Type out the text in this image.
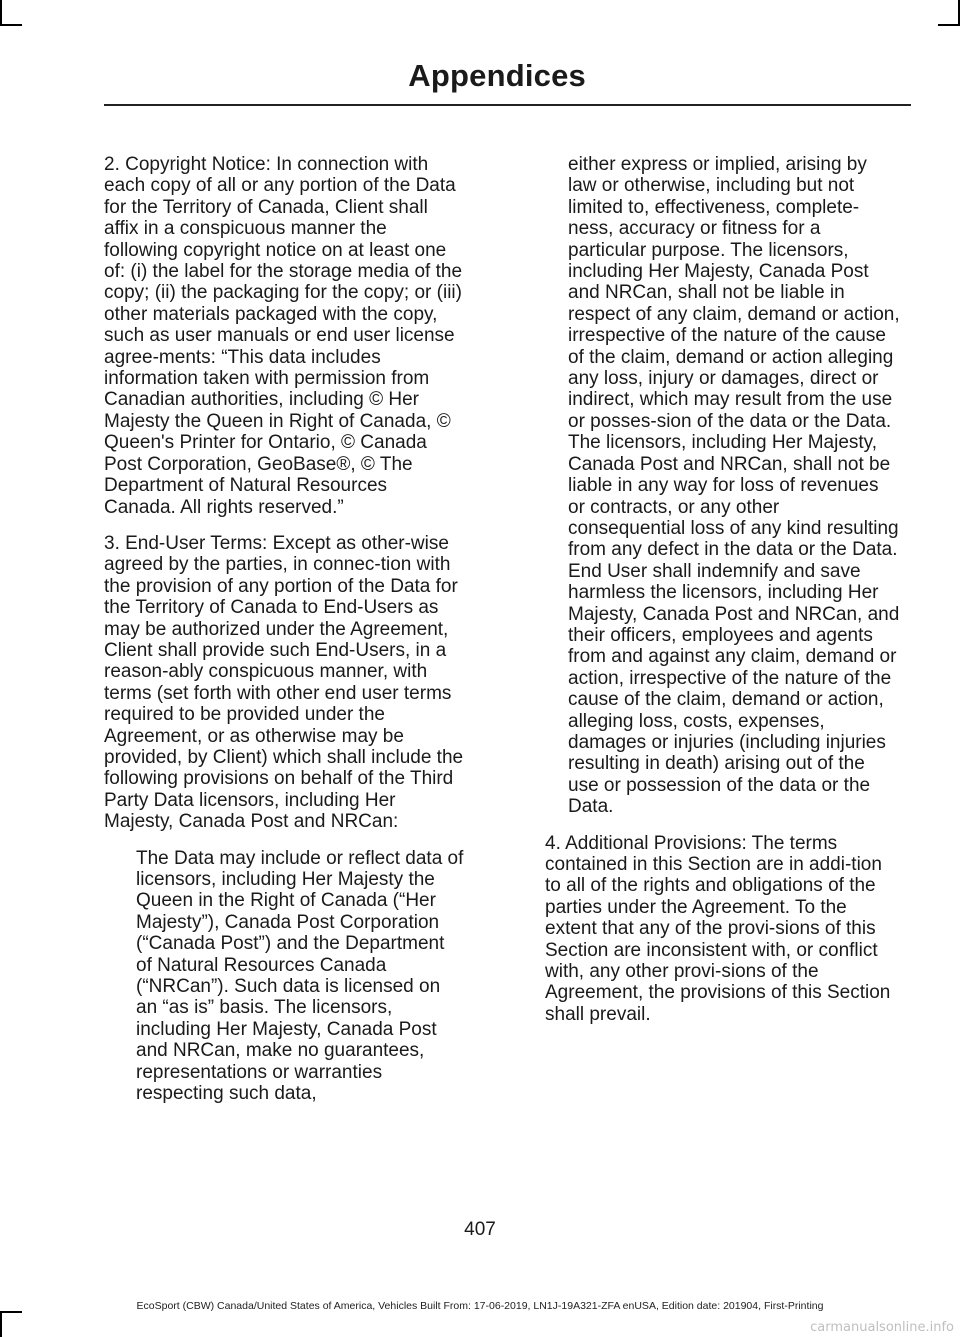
Appendices

2. Copyright Notice: In connection with each copy of all or any portion of the Data for the Territory of Canada, Client shall affix in a conspicuous manner the following copyright notice on at least one of: (i) the label for the storage media of the copy; (ii) the packaging for the copy; or (iii) other materials packaged with the copy, such as user manuals or end user license agree-ments: “This data includes information taken with permission from Canadian authorities, including © Her Majesty the Queen in Right of Canada, © Queen's Printer for Ontario, © Canada Post Corporation, GeoBase®, © The Department of Natural Resources Canada. All rights reserved.”

3. End-User Terms: Except as other-wise agreed by the parties, in connec-tion with the provision of any portion of the Data for the Territory of Canada to End-Users as may be authorized under the Agreement, Client shall provide such End-Users, in a reason-ably conspicuous manner, with terms (set forth with other end user terms required to be provided under the Agreement, or as otherwise may be provided, by Client) which shall include the following provisions on behalf of the Third Party Data licensors, including Her Majesty, Canada Post and NRCan:

The Data may include or reflect data of licensors, including Her Majesty the Queen in the Right of Canada (“Her Majesty”), Canada Post Corporation (“Canada Post”) and the Department of Natural Resources Canada (“NRCan”). Such data is licensed on an “as is” basis. The licensors, including Her Majesty, Canada Post and NRCan, make no guarantees, representations or warranties respecting such data,

either express or implied, arising by law or otherwise, including but not limited to, effectiveness, complete-ness, accuracy or fitness for a particular purpose. The licensors, including Her Majesty, Canada Post and NRCan, shall not be liable in respect of any claim, demand or action, irrespective of the nature of the cause of the claim, demand or action alleging any loss, injury or damages, direct or indirect, which may result from the use or posses-sion of the data or the Data. The licensors, including Her Majesty, Canada Post and NRCan, shall not be liable in any way for loss of revenues or contracts, or any other consequential loss of any kind resulting from any defect in the data or the Data.

End User shall indemnify and save harmless the licensors, including Her Majesty, Canada Post and NRCan, and their officers, employees and agents from and against any claim, demand or action, irrespective of the nature of the cause of the claim, demand or action, alleging loss, costs, expenses, damages or injuries (including injuries resulting in death) arising out of the use or possession of the data or the Data.

4. Additional Provisions: The terms contained in this Section are in addi-tion to all of the rights and obligations of the parties under the Agreement. To the extent that any of the provi-sions of this Section are inconsistent with, or conflict with, any other provi-sions of the Agreement, the provisions of this Section shall prevail.

407
EcoSport (CBW) Canada/United States of America, Vehicles Built From: 17-06-2019, LN1J-19A321-ZFA enUSA, Edition date: 201904, First-Printing
carmanualsonline.info
